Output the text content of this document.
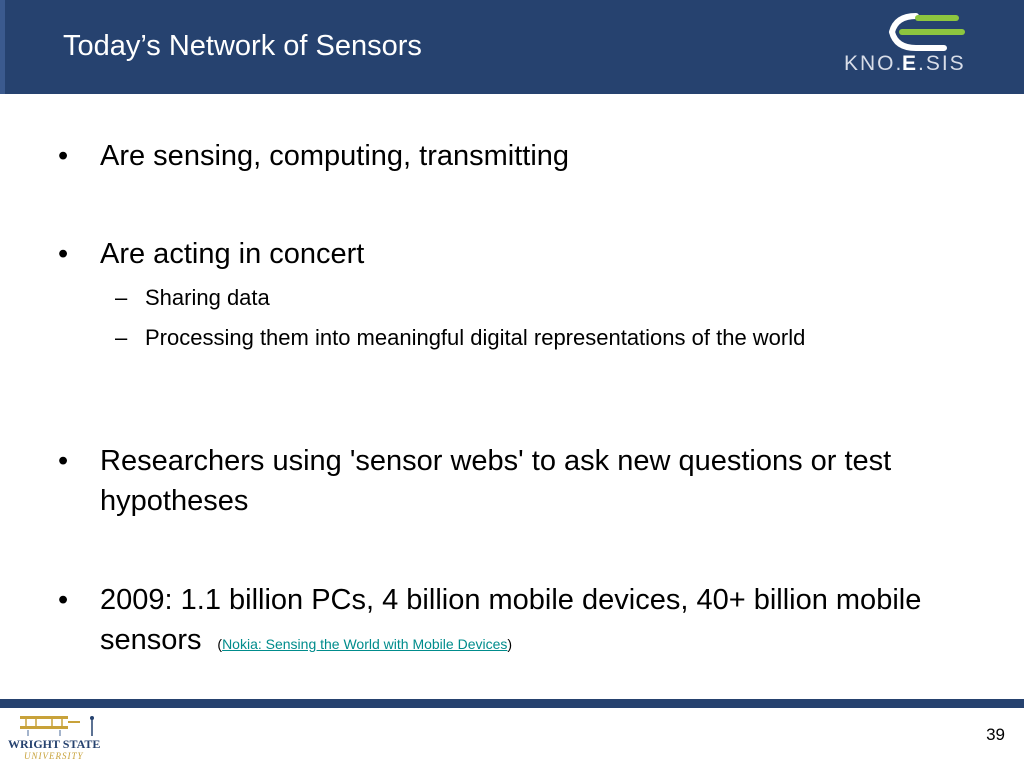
Today’s Network of Sensors
KNO.
E .SIS
•	Are sensing, computing, transmitting
•	Are acting in concert
– Sharing data
– Processing them into meaningful digital representations of the world
•	Researchers using 'sensor webs' to ask new questions or test hypotheses
•	2009: 1.1 billion PCs, 4 billion mobile devices, 40+ billion mobile sensors (Nokia: Sensing the World with Mobile Devices)
WRIGHT STATE
UNIVERSITY
39
